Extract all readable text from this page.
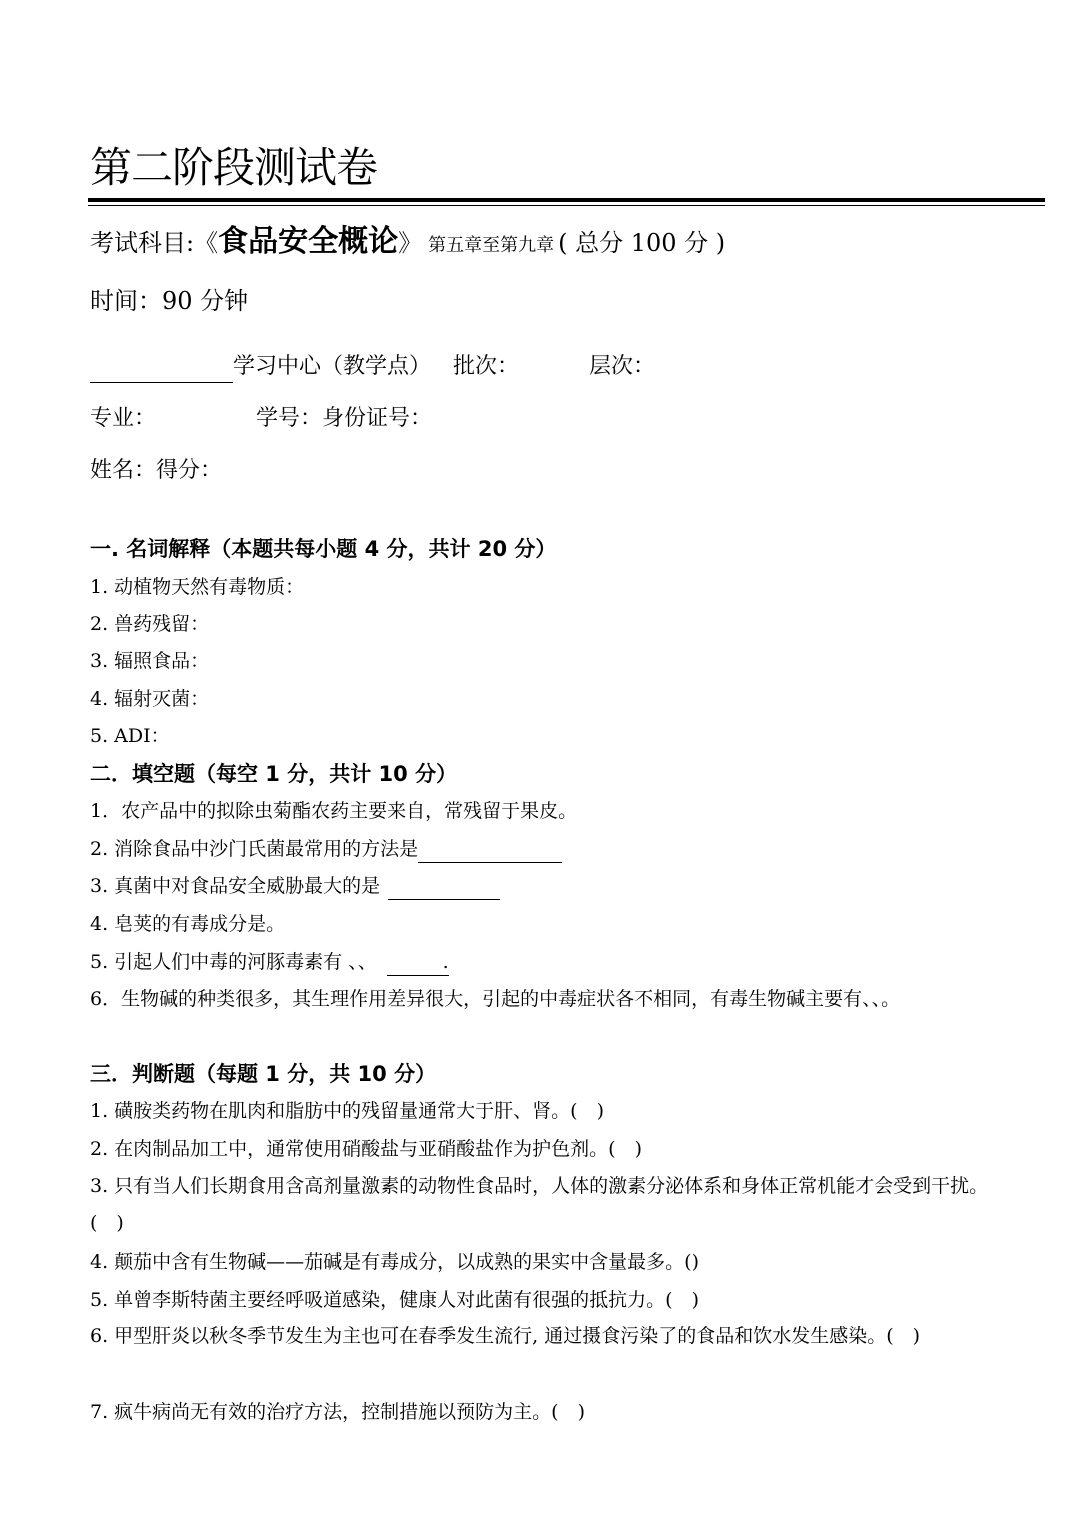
第二阶段测试卷
考试科目:《食品安全概论》 第五章至第九章 ( 总分 100 分 )
时间：90 分钟
学习中心（教学点） 批次：	层次：
专业：	学号：身份证号：
姓名：得分：
一. 名词解释（本题共每小题 4 分，共计 20 分）
1. 动植物天然有毒物质：
2. 兽药残留：
3. 辐照食品：
4. 辐射灭菌：
5. ADI：
二．填空题（每空 1 分，共计 10 分）
1．农产品中的拟除虫菊酯农药主要来自，常残留于果皮。
2. 消除食品中沙门氏菌最常用的方法是
3. 真菌中对食品安全威胁最大的是
4. 皂荚的有毒成分是。
5. 引起人们中毒的河豚毒素有 、、	.
6．生物碱的种类很多，其生理作用差异很大，引起的中毒症状各不相同，有毒生物碱主要有、、。
三．判断题（每题 1 分，共 10 分）
1. 磺胺类药物在肌肉和脂肪中的残留量通常大于肝、肾。(　)
2. 在肉制品加工中，通常使用硝酸盐与亚硝酸盐作为护色剂。(　)
3. 只有当人们长期食用含高剂量激素的动物性食品时，人体的激素分泌体系和身体正常机能才会受到干扰。(　)
4. 颠茄中含有生物碱——茄碱是有毒成分，以成熟的果实中含量最多。()
5. 单曾李斯特菌主要经呼吸道感染，健康人对此菌有很强的抵抗力。(　)
6. 甲型肝炎以秋冬季节发生为主也可在春季发生流行, 通过摄食污染了的食品和饮水发生感染。(　)
7. 疯牛病尚无有效的治疗方法，控制措施以预防为主。(　)
